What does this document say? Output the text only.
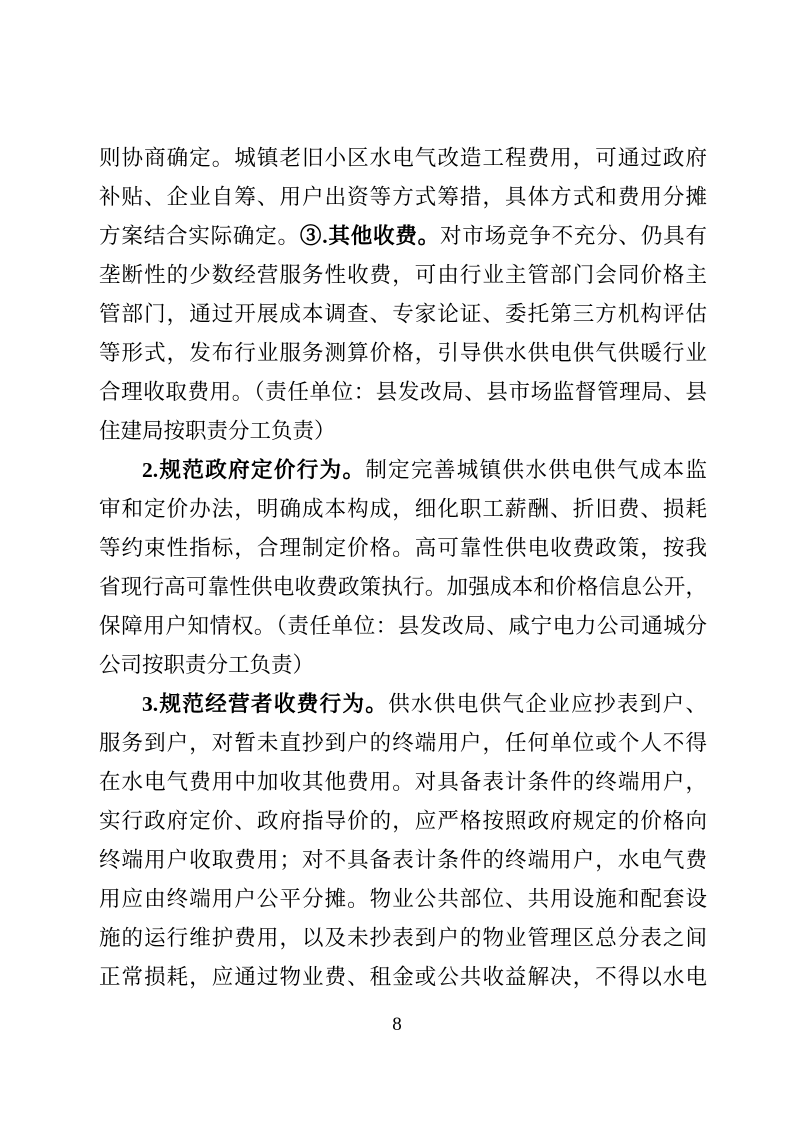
则协商确定。城镇老旧小区水电气改造工程费用，可通过政府
补贴、企业自筹、用户出资等方式筹措，具体方式和费用分摊
方案结合实际确定。③.其他收费。对市场竞争不充分、仍具有
垄断性的少数经营服务性收费，可由行业主管部门会同价格主
管部门，通过开展成本调查、专家论证、委托第三方机构评估
等形式，发布行业服务测算价格，引导供水供电供气供暖行业
合理收取费用。（责任单位：县发改局、县市场监督管理局、县
住建局按职责分工负责）
2.规范政府定价行为。制定完善城镇供水供电供气成本监
审和定价办法，明确成本构成，细化职工薪酬、折旧费、损耗
等约束性指标，合理制定价格。高可靠性供电收费政策，按我
省现行高可靠性供电收费政策执行。加强成本和价格信息公开，
保障用户知情权。（责任单位：县发改局、咸宁电力公司通城分
公司按职责分工负责）
3.规范经营者收费行为。供水供电供气企业应抄表到户、
服务到户，对暂未直抄到户的终端用户，任何单位或个人不得
在水电气费用中加收其他费用。对具备表计条件的终端用户，
实行政府定价、政府指导价的，应严格按照政府规定的价格向
终端用户收取费用；对不具备表计条件的终端用户，水电气费
用应由终端用户公平分摊。物业公共部位、共用设施和配套设
施的运行维护费用，以及未抄表到户的物业管理区总分表之间
正常损耗，应通过物业费、租金或公共收益解决，不得以水电
8
